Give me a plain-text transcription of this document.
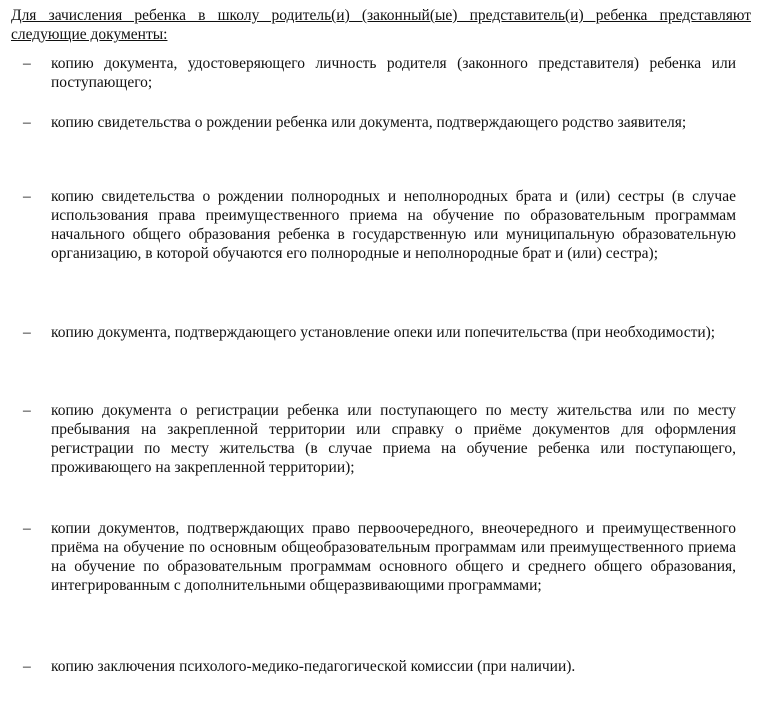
Для зачисления ребенка в школу родитель(и) (законный(ые) представитель(и) ребенка представляют следующие документы:
– копию документа, удостоверяющего личность родителя (законного представителя) ребенка или поступающего;
– копию свидетельства о рождении ребенка или документа, подтверждающего родство заявителя;
– копию свидетельства о рождении полнородных и неполнородных брата и (или) сестры (в случае использования права преимущественного приема на обучение по образовательным программам начального общего образования ребенка в государственную или муниципальную образовательную организацию, в которой обучаются его полнородные и неполнородные брат и (или) сестра);
– копию документа, подтверждающего установление опеки или попечительства (при необходимости);
– копию документа о регистрации ребенка или поступающего по месту жительства или по месту пребывания на закрепленной территории или справку о приёме документов для оформления регистрации по месту жительства (в случае приема на обучение ребенка или поступающего, проживающего на закрепленной территории);
– копии документов, подтверждающих право первоочередного, внеочередного и преимущественного приёма на обучение по основным общеобразовательным программам или преимущественного приема на обучение по образовательным программам основного общего и среднего общего образования, интегрированным с дополнительными общеразвивающими программами;
– копию заключения психолого-медико-педагогической комиссии (при наличии).
